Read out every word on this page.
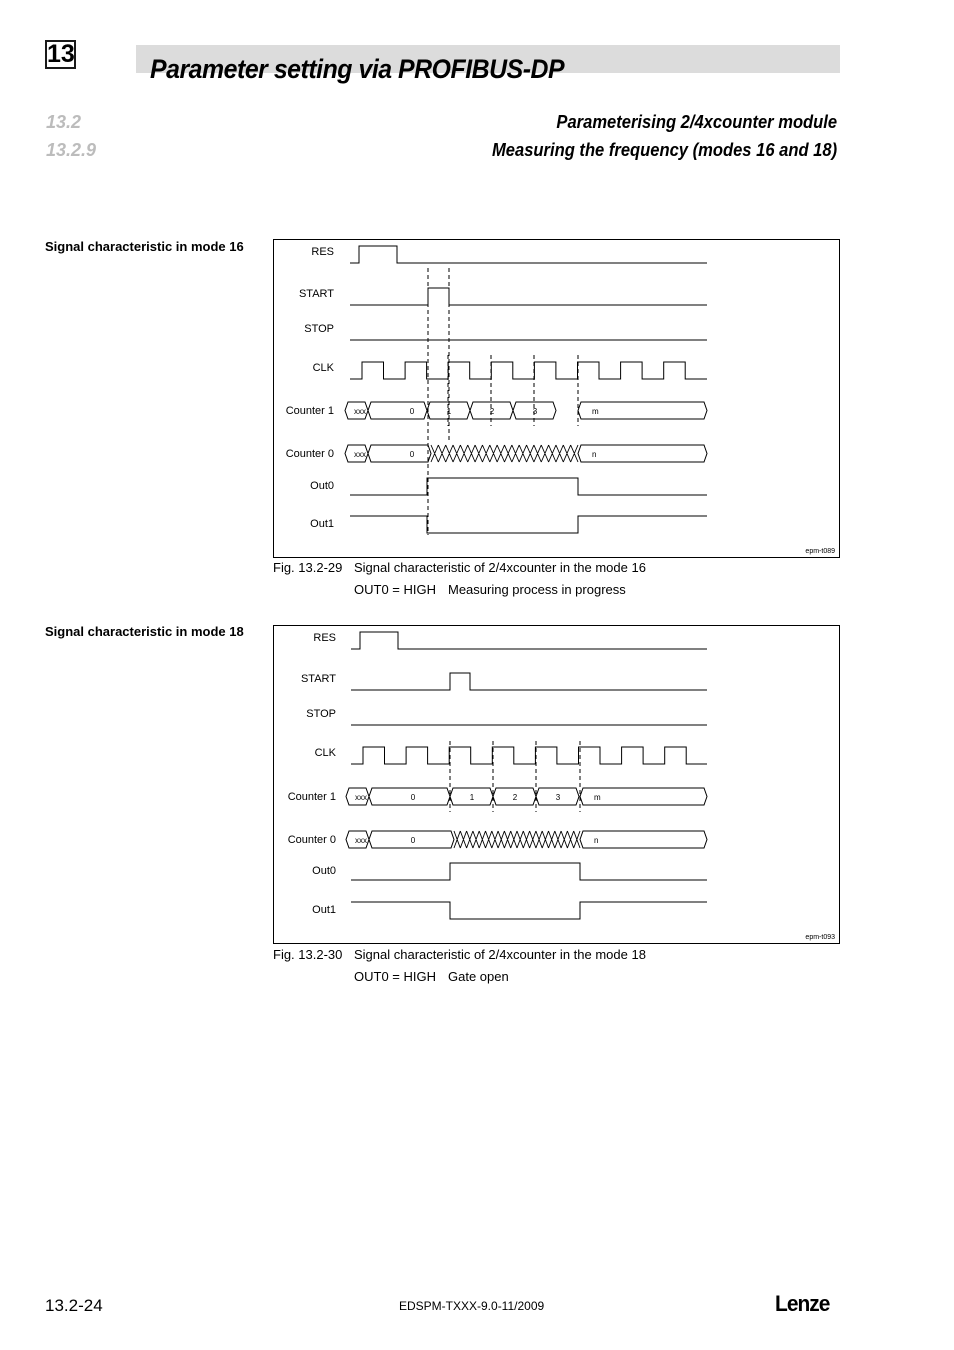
13	Parameter setting via PROFIBUS-DP
13.2	Parameterising 2/4xcounter module
13.2.9	Measuring the frequency (modes 16 and 18)
Signal characteristic in mode 16	RES
START
STOP
CLK
Counter 1
Counter 0
Out0
Out1
xxx	0	1	2	3	m
xxx	0	n
epm-t089
Fig. 13.2-29 Signal characteristic of 2/4xcounter in the mode 16
OUT0 = HIGH Measuring process in progress
Signal characteristic in mode 18	RES
START
STOP
CLK
Counter 1
Counter 0
Out0
Out1
xxx	0	1	2	3	m
xxx	0	n
epm-t093
Fig. 13.2-30 Signal characteristic of 2/4xcounter in the mode 18
OUT0 = HIGH Gate open
13.2-24	EDSPM-TXXX-9.0-11/2009	Lenze
